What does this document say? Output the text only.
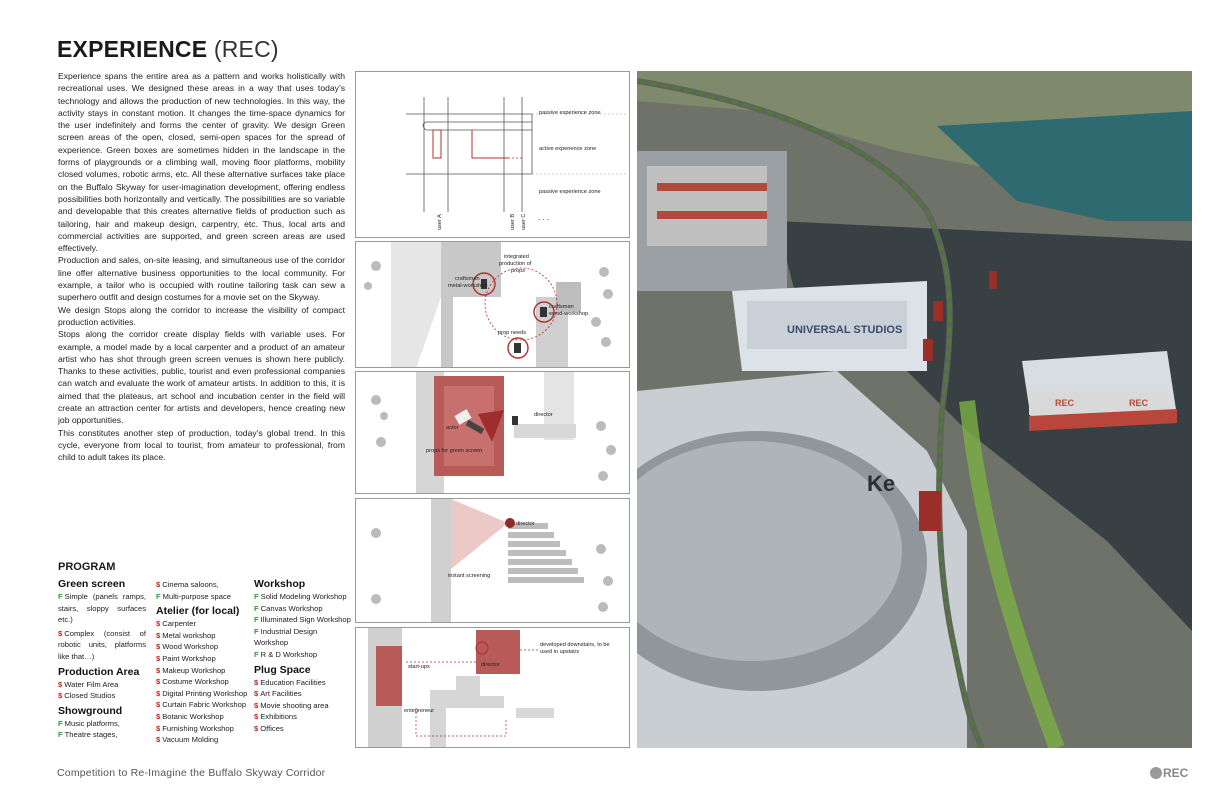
EXPERIENCE (REC)

Experience spans the entire area as a pattern and works holistically with recreational uses. We designed these areas in a way that uses today’s technology and allows the production of new technologies. In this way, the activity stays in constant motion. It changes the time-space dynamics for the user indefinitely and forms the center of gravity. We design Green screen areas of the open, closed, semi-open spaces for the spread of experience. Green boxes are sometimes hidden in the landscape in the forms of playgrounds or a climbing wall, moving floor platforms, mobility closed volumes, robotic arms, etc. All these alternative surfaces take place on the Buffalo Skyway for user-imagination development, offering endless possibilities both horizontally and vertically. The possibilities are so variable and developable that this creates alternative fields of production such as tailoring, hair and makeup design, carpentry, etc. Thus, local arts and commercial activities are supported, and green screen areas are used effectively.

Production and sales, on-site leasing, and simultaneous use of the corridor line offer alternative business opportunities to the local community. For example, a tailor who is occupied with routine tailoring task can sew a superhero outfit and design costumes for a movie set on the Skyway.

We design Stops along the corridor to increase the visibility of compact production activities.

Stops along the corridor create display fields with variable uses. For example, a model made by a local carpenter and a product of an amateur artist who has shot through green screen venues is shown here publicly. Thanks to these activities, public, tourist and even professional companies can watch and evaluate the work of amateur artists. In addition to this, it is aimed that the plateaus, art school and incubation center in the field will create an attraction center for artists and developers, hence creating new job opportunities.

This constitutes another step of production, today’s global trend. In this cycle, everyone from local to tourist, from amateur to professional, from child to adult takes its place.

PROGRAM
Green screen
F Simple (panels ramps, stairs, sloppy surfaces etc.)
$ Complex (consist of robotic units, platforms like that…)
Production Area
$ Water Film Area
$ Closed Studios
Showground
F Music platforms,
F Theatre stages,
$ Cinema saloons,
F Multi-purpose space
Atelier (for local)
$ Carpenter
$ Metal workshop
$ Wood Workshop
$ Paint Workshop
$ Makeup Workshop
$ Costume Workshop
$ Digital Printing Workshop
$ Curtain Fabric Workshop
$ Botanic Workshop
$ Furnishing Workshop
$ Vacuum Molding
Workshop
F Solid Modeling Workshop
F Canvas Workshop
F Illuminated Sign Workshop
F Industrial Design Workshop
F R & D Workshop
Plug Space
$ Education Facilities
$ Art Facilities
$ Movie shooting area
$ Exhibitions
$ Offices
passive experience zone
active experience zone
passive experience zone
user A	user B user C . . .
craftsman
metal-workshop
integrated
production of
props
craftsman
wood-workshop
prop needs
director
actor
props for green screen
director
instant screening
developed downstairs, to be
used in upstairs
start-ups	director
entegreneur
UNIVERSAL STUDIOS
REC	REC
Ke
Competition to Re-Imagine the Buffalo Skyway Corridor	REC
